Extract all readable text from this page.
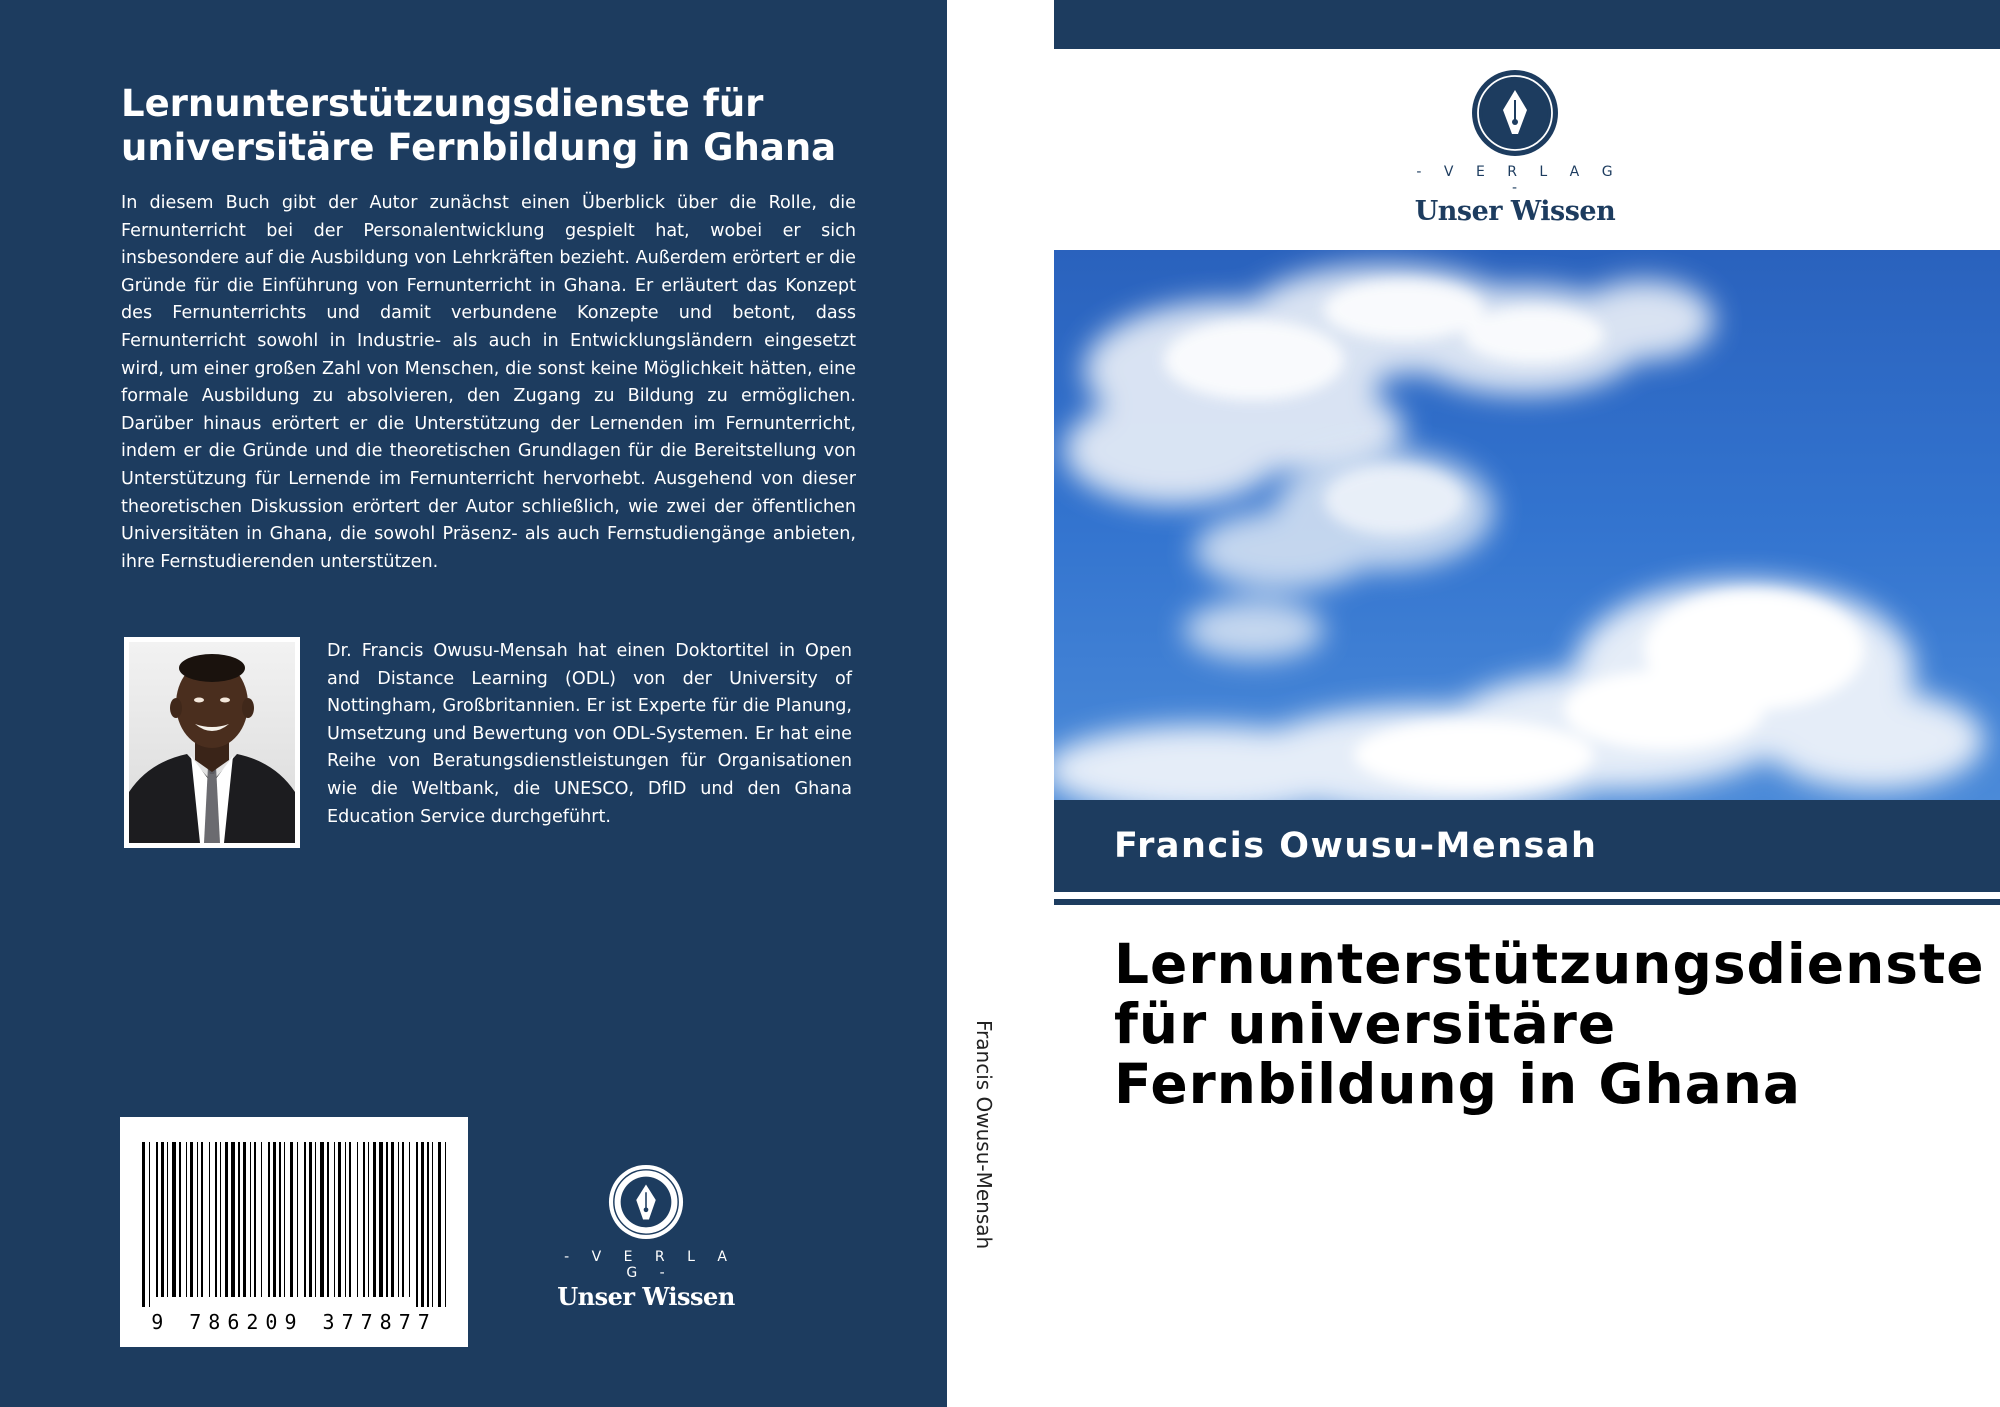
Lernunterstützungsdienste für
universitäre Fernbildung in Ghana

In diesem Buch gibt der Autor zunächst einen Überblick über die Rolle, die Fernunterricht bei der Personalentwicklung gespielt hat, wobei er sich insbesondere auf die Ausbildung von Lehrkräften bezieht. Außerdem erörtert er die Gründe für die Einführung von Fernunterricht in Ghana. Er erläutert das Konzept des Fernunterrichts und damit verbundene Konzepte und betont, dass Fernunterricht sowohl in Industrie- als auch in Entwicklungsländern eingesetzt wird, um einer großen Zahl von Menschen, die sonst keine Möglichkeit hätten, eine formale Ausbildung zu absolvieren, den Zugang zu Bildung zu ermöglichen. Darüber hinaus erörtert er die Unterstützung der Lernenden im Fernunterricht, indem er die Gründe und die theoretischen Grundlagen für die Bereitstellung von Unterstützung für Lernende im Fernunterricht hervorhebt. Ausgehend von dieser theoretischen Diskussion erörtert der Autor schließlich, wie zwei der öffentlichen Universitäten in Ghana, die sowohl Präsenz- als auch Fernstudiengänge anbieten, ihre Fernstudierenden unterstützen.

Dr. Francis Owusu-Mensah hat einen Doktortitel in Open and Distance Learning (ODL) von der University of Nottingham, Großbritannien. Er ist Experte für die Planung, Umsetzung und Bewertung von ODL-Systemen. Er hat eine Reihe von Beratungsdienstleistungen für Organisationen wie die Weltbank, die UNESCO, DfID und den Ghana Education Service durchgeführt.

9 786209 377877
- V E R L A G -
Unser Wissen
Francis Owusu-Mensah
- V E R L A G -
Unser Wissen
Francis Owusu-Mensah
Lernunterstützungsdienste
für universitäre
Fernbildung in Ghana
